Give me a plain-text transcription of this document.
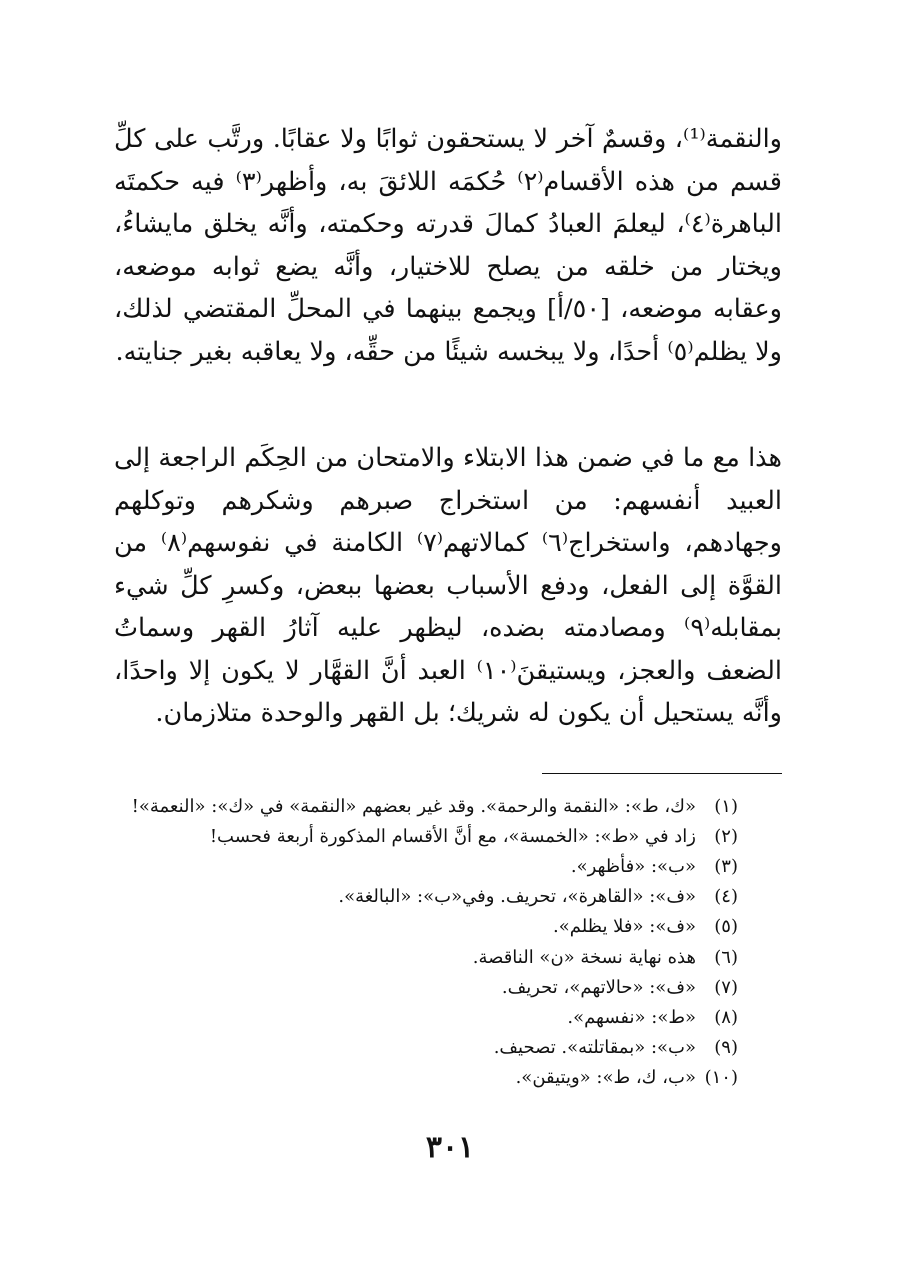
والنقمة⁽¹⁾، وقسمٌ آخر لا يستحقون ثوابًا ولا عقابًا. ورتَّب على كلِّ قسم من هذه الأقسام⁽٢⁾ حُكمَه اللائقَ به، وأظهر⁽٣⁾ فيه حكمتَه الباهرة⁽٤⁾، ليعلمَ العبادُ كمالَ قدرته وحكمته، وأنَّه يخلق مايشاءُ، ويختار من خلقه من يصلح للاختيار، وأنَّه يضع ثوابه موضعه، وعقابه موضعه، [٥٠/أ] ويجمع بينهما في المحلِّ المقتضي لذلك، ولا يظلم⁽٥⁾ أحدًا، ولا يبخسه شيئًا من حقِّه، ولا يعاقبه بغير جنايته.

هذا مع ما في ضمن هذا الابتلاء والامتحان من الحِكَم الراجعة إلى العبيد أنفسهم: من استخراج صبرهم وشكرهم وتوكلهم وجهادهم، واستخراج⁽٦⁾ كمالاتهم⁽٧⁾ الكامنة في نفوسهم⁽٨⁾ من القوَّة إلى الفعل، ودفع الأسباب بعضها ببعض، وكسرِ كلِّ شيء بمقابله⁽٩⁾ ومصادمته بضده، ليظهر عليه آثارُ القهر وسماتُ الضعف والعجز، ويستيقنَ⁽١٠⁾ العبد أنَّ القهَّار لا يكون إلا واحدًا، وأنَّه يستحيل أن يكون له شريك؛ بل القهر والوحدة متلازمان.

(١)«ك، ط»: «النقمة والرحمة». وقد غير بعضهم «النقمة» في «ك»: «النعمة»!
(٢)زاد في «ط»: «الخمسة»، مع أنَّ الأقسام المذكورة أربعة فحسب!
(٣)«ب»: «فأظهر».
(٤)«ف»: «القاهرة»، تحريف. وفي«ب»: «البالغة».
(٥)«ف»: «فلا يظلم».
(٦)هذه نهاية نسخة «ن» الناقصة.
(٧)«ف»: «حالاتهم»، تحريف.
(٨)«ط»: «نفسهم».
(٩)«ب»: «بمقاتلته». تصحيف.
(١٠)«ب، ك، ط»: «ويتيقن».
٣٠١
